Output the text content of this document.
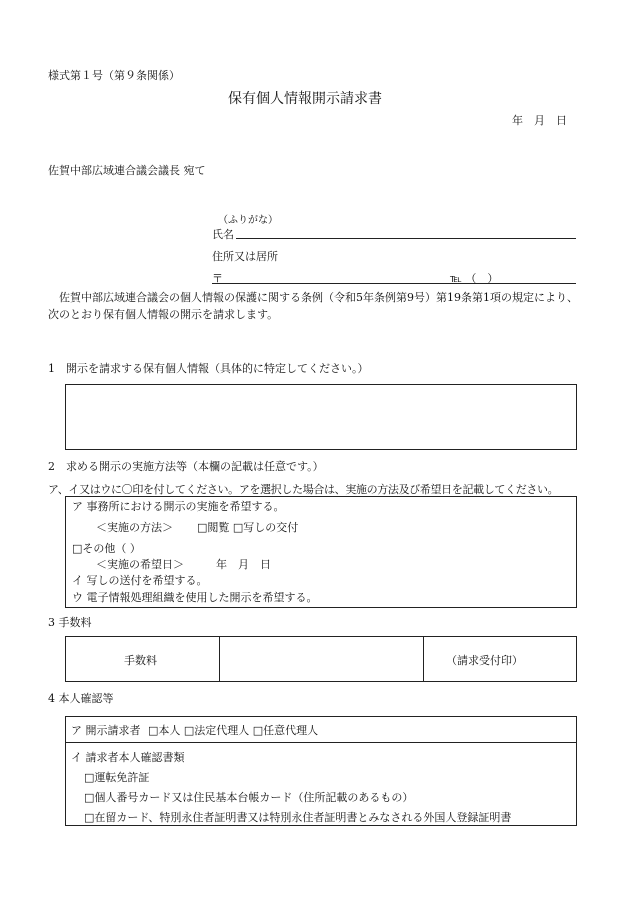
様式第１号（第９条関係）
保有個人情報開示請求書
年　月　日
佐賀中部広域連合議会議長 宛て
（ふりがな）
氏名
住所又は居所
〒	℡ （　）
　佐賀中部広域連合議会の個人情報の保護に関する条例（令和5年条例第9号）第19条第1項の規定により、次のとおり保有個人情報の開示を請求します。
1　開示を請求する保有個人情報（具体的に特定してください。）
2　求める開示の実施方法等（本欄の記載は任意です。）
ア、イ又はウに〇印を付してください。アを選択した場合は、実施の方法及び希望日を記載してください。
ア 事務所における開示の実施を希望する。
＜実施の方法＞ □閲覧 □写しの交付
□その他（ ）
＜実施の希望日＞	年　月　日
イ 写しの送付を希望する。
ウ 電子情報処理組織を使用した開示を希望する。
3 手数料
手数料	（請求受付印）
4 本人確認等
ア 開示請求者 □本人 □法定代理人 □任意代理人
イ 請求者本人確認書類
□運転免許証
□個人番号カード又は住民基本台帳カード（住所記載のあるもの）
□在留カード、特別永住者証明書又は特別永住者証明書とみなされる外国人登録証明書
